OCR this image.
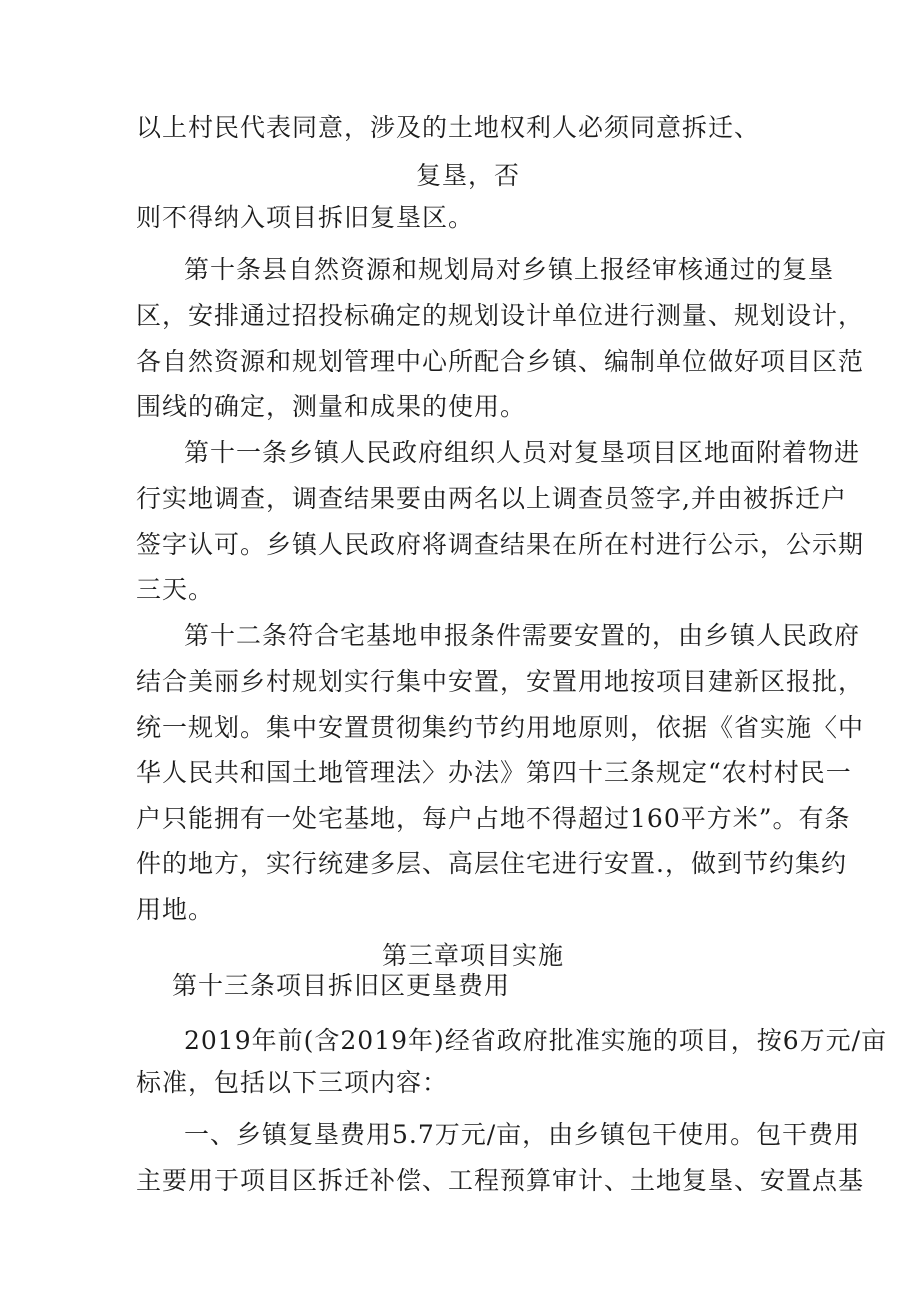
以上村民代表同意，涉及的土地权利人必须同意拆迁、

复垦，否

则不得纳入项目拆旧复垦区。

第十条县自然资源和规划局对乡镇上报经审核通过的复垦

区，安排通过招投标确定的规划设计单位进行测量、规划设计，

各自然资源和规划管理中心所配合乡镇、编制单位做好项目区范

围线的确定，测量和成果的使用。

第十一条乡镇人民政府组织人员对复垦项目区地面附着物进

行实地调查，调查结果要由两名以上调查员签字,并由被拆迁户

签字认可。乡镇人民政府将调查结果在所在村进行公示，公示期

三天。

第十二条符合宅基地申报条件需要安置的，由乡镇人民政府

结合美丽乡村规划实行集中安置，安置用地按项目建新区报批，

统一规划。集中安置贯彻集约节约用地原则，依据《省实施〈中

华人民共和国土地管理法〉办法》第四十三条规定“农村村民一

户只能拥有一处宅基地，每户占地不得超过160平方米”。有条

件的地方，实行统建多层、高层住宅进行安置.，做到节约集约

用地。

第三章项目实施

第十三条项目拆旧区更垦费用

2019年前(含2019年)经省政府批准实施的项目，按6万元/亩

标准，包括以下三项内容：

一、乡镇复垦费用5.7万元/亩，由乡镇包干使用。包干费用

主要用于项目区拆迁补偿、工程预算审计、土地复垦、安置点基
